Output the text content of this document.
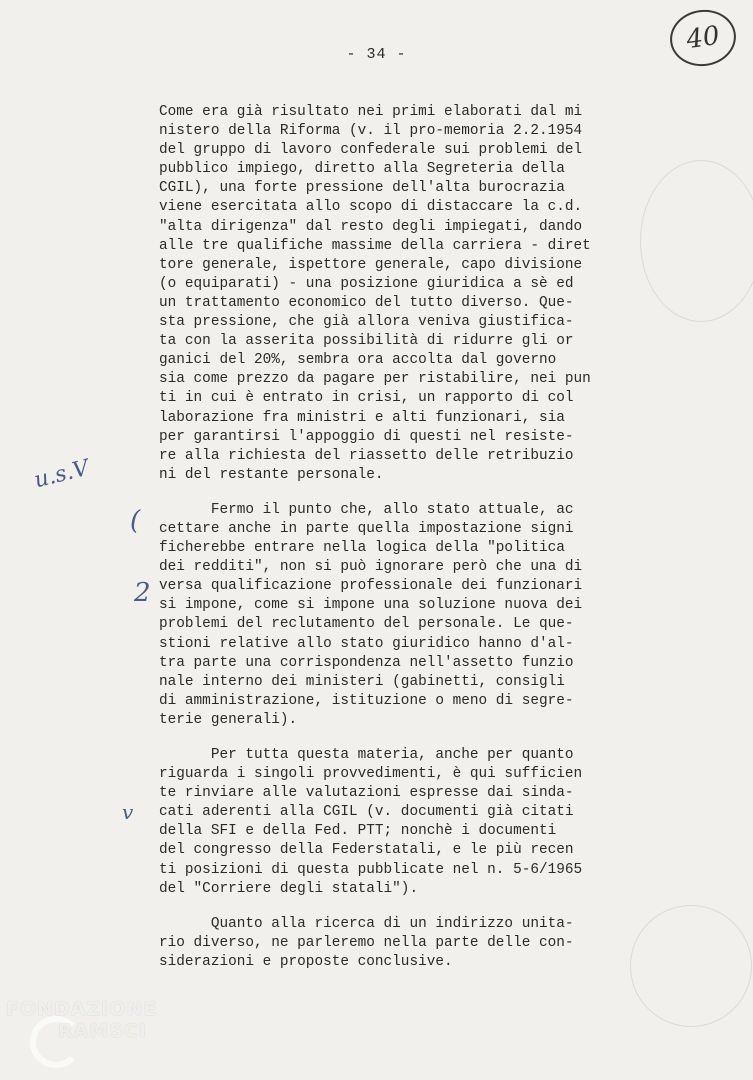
- 34 -	40
u.s.V
(
2
v

Come era già risultato nei primi elaborati dal mi
nistero della Riforma (v. il pro-memoria 2.2.1954
del gruppo di lavoro confederale sui problemi del
pubblico impiego, diretto alla Segreteria della
CGIL), una forte pressione dell'alta burocrazia
viene esercitata allo scopo di distaccare la c.d.
"alta dirigenza" dal resto degli impiegati, dando
alle tre qualifiche massime della carriera - diret
tore generale, ispettore generale, capo divisione
(o equiparati) - una posizione giuridica a sè ed
un trattamento economico del tutto diverso. Que-
sta pressione, che già allora veniva giustifica-
ta con la asserita possibilità di ridurre gli or
ganici del 20%, sembra ora accolta dal governo
sia come prezzo da pagare per ristabilire, nei pun
ti in cui è entrato in crisi, un rapporto di col
laborazione fra ministri e alti funzionari, sia
per garantirsi l'appoggio di questi nel resiste-
re alla richiesta del riassetto delle retribuzio
ni del restante personale.

Fermo il punto che, allo stato attuale, ac
cettare anche in parte quella impostazione signi
ficherebbe entrare nella logica della "politica
dei redditi", non si può ignorare però che una di
versa qualificazione professionale dei funzionari
si impone, come si impone una soluzione nuova dei
problemi del reclutamento del personale. Le que-
stioni relative allo stato giuridico hanno d'al-
tra parte una corrispondenza nell'assetto funzio
nale interno dei ministeri (gabinetti, consigli
di amministrazione, istituzione o meno di segre-
terie generali).

Per tutta questa materia, anche per quanto
riguarda i singoli provvedimenti, è qui sufficien
te rinviare alle valutazioni espresse dai sinda-
cati aderenti alla CGIL (v. documenti già citati
della SFI e della Fed. PTT; nonchè i documenti
del congresso della Federstatali, e le più recen
ti posizioni di questa pubblicate nel n. 5-6/1965
del "Corriere degli statali").

Quanto alla ricerca di un indirizzo unita-
rio diverso, ne parleremo nella parte delle con-
siderazioni e proposte conclusive.

FONDAZIONE
RAMSCI
